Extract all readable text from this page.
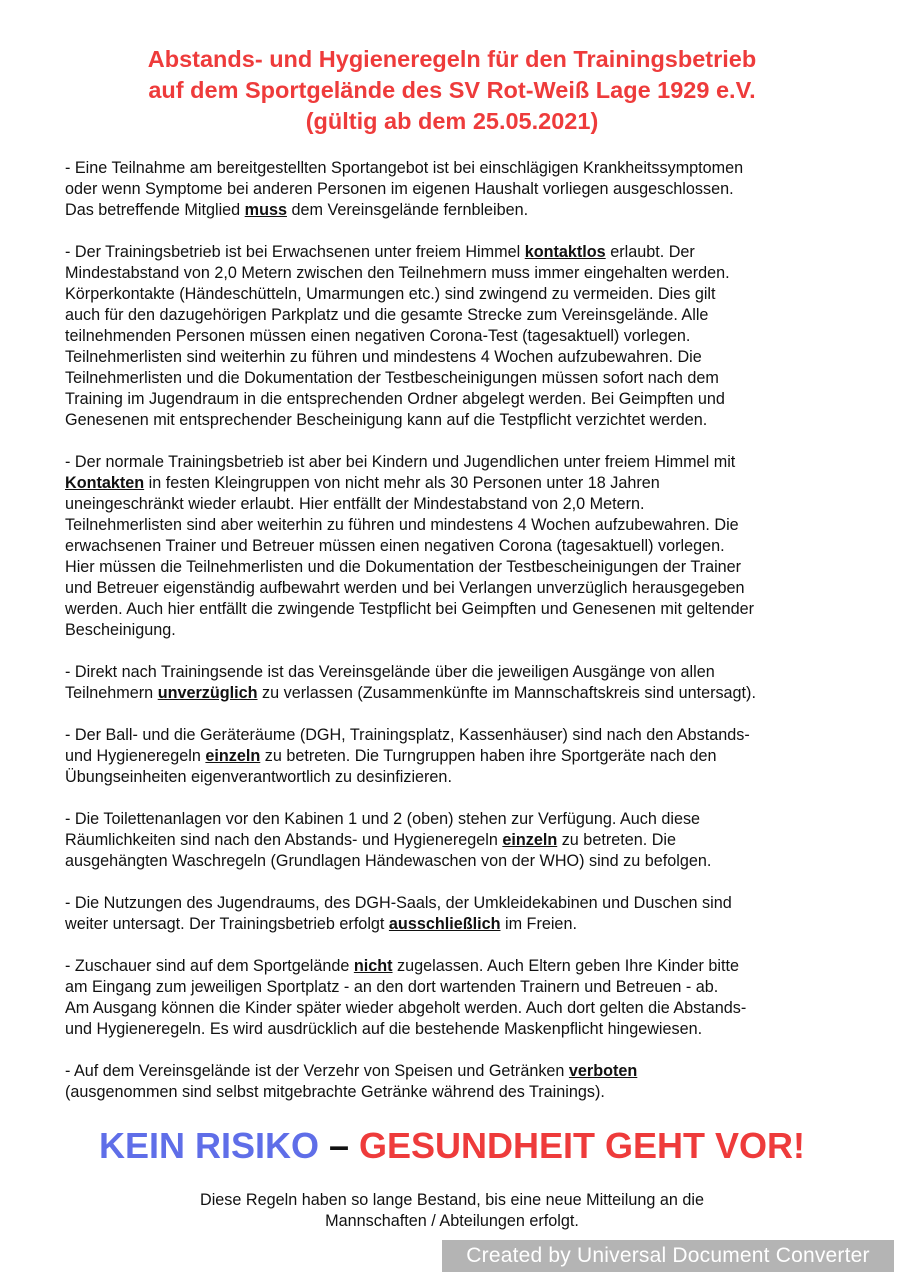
Abstands- und Hygieneregeln für den Trainingsbetrieb
auf dem Sportgelände des SV Rot-Weiß Lage 1929 e.V.
(gültig ab dem 25.05.2021)
- Eine Teilnahme am bereitgestellten Sportangebot ist bei einschlägigen Krankheitssymptomen
oder wenn Symptome bei anderen Personen im eigenen Haushalt vorliegen ausgeschlossen.
Das betreffende Mitglied muss dem Vereinsgelände fernbleiben.
- Der Trainingsbetrieb ist bei Erwachsenen unter freiem Himmel kontaktlos erlaubt. Der
Mindestabstand von 2,0 Metern zwischen den Teilnehmern muss immer eingehalten werden.
Körperkontakte (Händeschütteln, Umarmungen etc.) sind zwingend zu vermeiden. Dies gilt
auch für den dazugehörigen Parkplatz und die gesamte Strecke zum Vereinsgelände. Alle
teilnehmenden Personen müssen einen negativen Corona-Test (tagesaktuell) vorlegen.
Teilnehmerlisten sind weiterhin zu führen und mindestens 4 Wochen aufzubewahren. Die
Teilnehmerlisten und die Dokumentation der Testbescheinigungen müssen sofort nach dem
Training im Jugendraum in die entsprechenden Ordner abgelegt werden. Bei Geimpften und
Genesenen mit entsprechender Bescheinigung kann auf die Testpflicht verzichtet werden.
- Der normale Trainingsbetrieb ist aber bei Kindern und Jugendlichen unter freiem Himmel mit
Kontakten in festen Kleingruppen von nicht mehr als 30 Personen unter 18 Jahren
uneingeschränkt wieder erlaubt. Hier entfällt der Mindestabstand von 2,0 Metern.
Teilnehmerlisten sind aber weiterhin zu führen und mindestens 4 Wochen aufzubewahren. Die
erwachsenen Trainer und Betreuer müssen einen negativen Corona (tagesaktuell) vorlegen.
Hier müssen die Teilnehmerlisten und die Dokumentation der Testbescheinigungen der Trainer
und Betreuer eigenständig aufbewahrt werden und bei Verlangen unverzüglich herausgegeben
werden. Auch hier entfällt die zwingende Testpflicht bei Geimpften und Genesenen mit geltender
Bescheinigung.
- Direkt nach Trainingsende ist das Vereinsgelände über die jeweiligen Ausgänge von allen
Teilnehmern unverzüglich zu verlassen (Zusammenkünfte im Mannschaftskreis sind untersagt).
- Der Ball- und die Geräteräume (DGH, Trainingsplatz, Kassenhäuser) sind nach den Abstands-
und Hygieneregeln einzeln zu betreten. Die Turngruppen haben ihre Sportgeräte nach den
Übungseinheiten eigenverantwortlich zu desinfizieren.
- Die Toilettenanlagen vor den Kabinen 1 und 2 (oben) stehen zur Verfügung. Auch diese
Räumlichkeiten sind nach den Abstands- und Hygieneregeln einzeln zu betreten. Die
ausgehängten Waschregeln (Grundlagen Händewaschen von der WHO) sind zu befolgen.
- Die Nutzungen des Jugendraums, des DGH-Saals, der Umkleidekabinen und Duschen sind
weiter untersagt. Der Trainingsbetrieb erfolgt ausschließlich im Freien.
- Zuschauer sind auf dem Sportgelände nicht zugelassen. Auch Eltern geben Ihre Kinder bitte
am Eingang zum jeweiligen Sportplatz - an den dort wartenden Trainern und Betreuen - ab.
Am Ausgang können die Kinder später wieder abgeholt werden. Auch dort gelten die Abstands-
und Hygieneregeln. Es wird ausdrücklich auf die bestehende Maskenpflicht hingewiesen.
- Auf dem Vereinsgelände ist der Verzehr von Speisen und Getränken verboten
(ausgenommen sind selbst mitgebrachte Getränke während des Trainings).
KEIN RISIKO – GESUNDHEIT GEHT VOR!
Diese Regeln haben so lange Bestand, bis eine neue Mitteilung an die
Mannschaften / Abteilungen erfolgt.
Created by Universal Document Converter
